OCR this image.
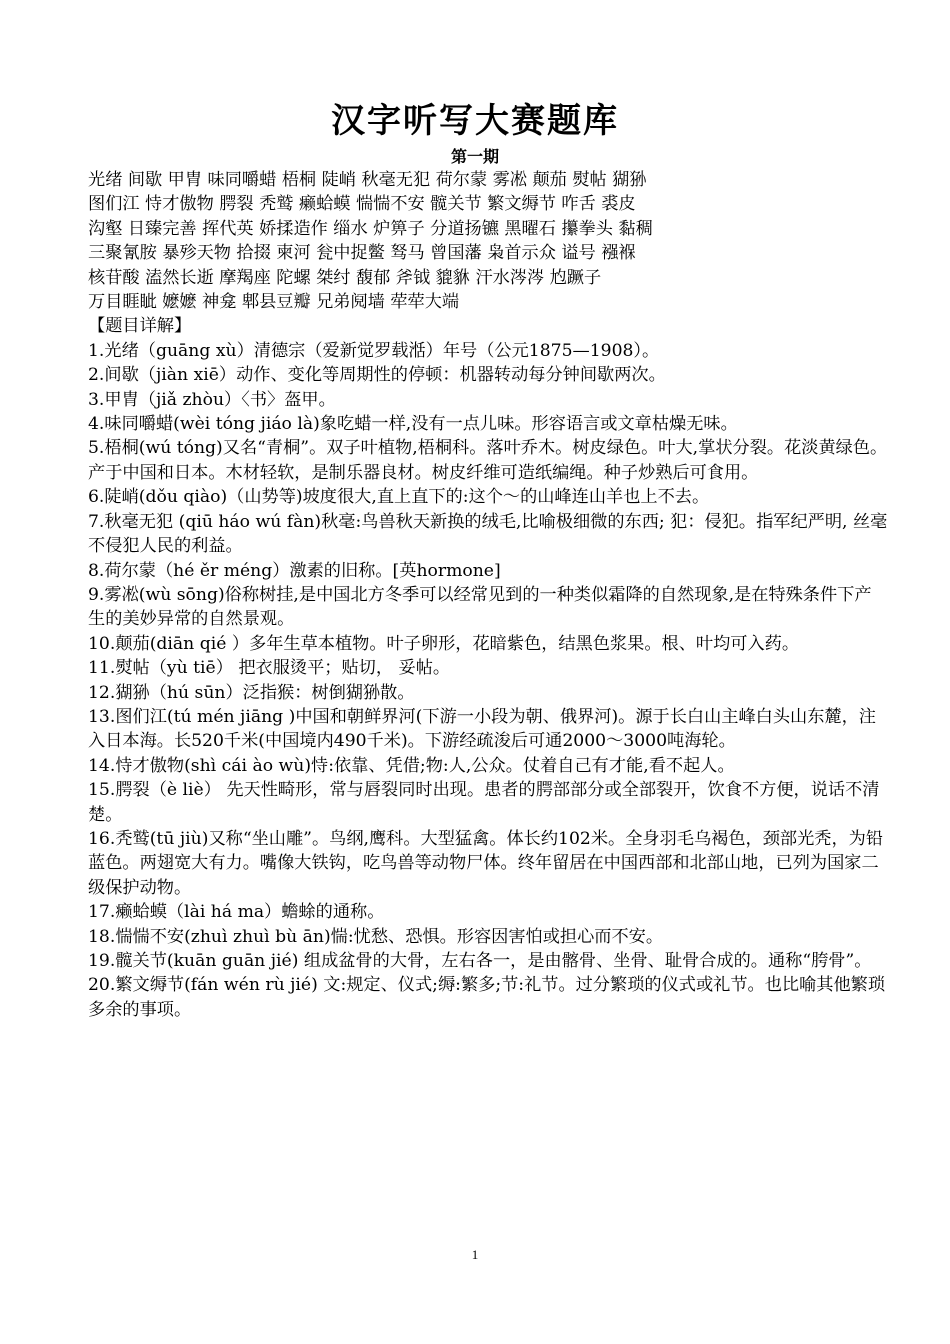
汉字听写大赛题库
第一期
光绪 间歇 甲胄 味同嚼蜡 梧桐 陡峭 秋毫无犯 荷尔蒙 雾凇 颠茄 熨帖 猢狲
图们江 恃才傲物 腭裂 秃鹫 癞蛤蟆 惴惴不安 髋关节 繁文缛节 咋舌 裘皮
沟壑 日臻完善 挥代英 娇揉造作 缁水 炉箅子 分道扬镳 黑曜石 攥拳头 黏稠
三聚氰胺 暴殄天物 拾掇 柬河 瓮中捉鳖 驽马 曾国藩 枭首示众 谥号 襁褓
核苷酸 溘然长逝 摩羯座 陀螺 桀纣 馥郁 斧钺 貔貅 汗水涔涔 尥蹶子
万目睚眦 嬷嬷 神龛 郫县豆瓣 兄弟阋墙 荦荦大端
【题目详解】

1.光绪（guāng xù）清德宗（爱新觉罗载湉）年号（公元1875—1908）。

2.间歇（jiàn xiē）动作、变化等周期性的停顿：机器转动每分钟间歇两次。

3.甲胄（jiǎ zhòu）〈书〉盔甲。

4.味同嚼蜡(wèi tóng jiáo là)象吃蜡一样,没有一点儿味。形容语言或文章枯燥无味。

5.梧桐(wú tóng)又名“青桐”。双子叶植物,梧桐科。落叶乔木。树皮绿色。叶大,掌状分裂。花淡黄绿色。产于中国和日本。木材轻软，是制乐器良材。树皮纤维可造纸编绳。种子炒熟后可食用。

6.陡峭(dǒu qiào)（山势等)坡度很大,直上直下的:这个～的山峰连山羊也上不去。

7.秋毫无犯 (qiū háo wú fàn)秋毫:鸟兽秋天新换的绒毛,比喻极细微的东西; 犯：侵犯。指军纪严明, 丝毫不侵犯人民的利益。

8.荷尔蒙（hé ěr méng）激素的旧称。[英hormone]

9.雾凇(wù sōng)俗称树挂,是中国北方冬季可以经常见到的一种类似霜降的自然现象,是在特殊条件下产生的美妙异常的自然景观。

10.颠茄(diān qié ）多年生草本植物。叶子卵形，花暗紫色，结黑色浆果。根、叶均可入药。

11.熨帖（yù tiē） 把衣服烫平；贴切， 妥帖。

12.猢狲（hú sūn）泛指猴：树倒猢狲散。

13.图们江(tú mén jiāng )中国和朝鲜界河(下游一小段为朝、俄界河)。源于长白山主峰白头山东麓，注入日本海。长520千米(中国境内490千米)。下游经疏浚后可通2000～3000吨海轮。

14.恃才傲物(shì cái ào wù)恃:依靠、凭借;物:人,公众。仗着自己有才能,看不起人。

15.腭裂（è liè） 先天性畸形，常与唇裂同时出现。患者的腭部部分或全部裂开，饮食不方便，说话不清楚。

16.秃鹫(tū jiù)又称“坐山雕”。鸟纲,鹰科。大型猛禽。体长约102米。全身羽毛乌褐色，颈部光秃，为铅蓝色。两翅宽大有力。嘴像大铁钩，吃鸟兽等动物尸体。终年留居在中国西部和北部山地，已列为国家二级保护动物。

17.癞蛤蟆（lài há ma）蟾蜍的通称。

18.惴惴不安(zhuì zhuì bù ān)惴:忧愁、恐惧。形容因害怕或担心而不安。

19.髋关节(kuān guān jié) 组成盆骨的大骨，左右各一，是由髂骨、坐骨、耻骨合成的。通称“胯骨”。

20.繁文缛节(fán wén rù jié) 文:规定、仪式;缛:繁多;节:礼节。过分繁琐的仪式或礼节。也比喻其他繁琐多余的事项。

1
